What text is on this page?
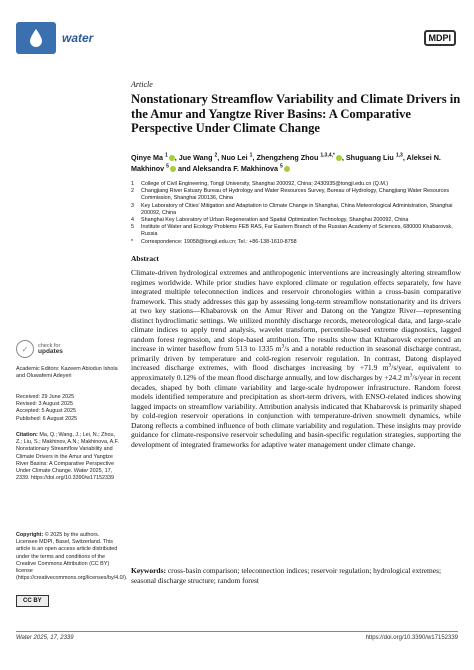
water	MDPI
✓	check for
updates
Academic Editors: Kazeem Abiodun Ishola and Oluwafemi Adeyeri
Received: 29 June 2025
Revised: 3 August 2025
Accepted: 5 August 2025
Published: 6 August 2025
Citation: Ma, Q.; Wang, J.; Lei, N.; Zhou, Z.; Liu, S.; Makhinov, A.N.; Makhinova, A.F. Nonstationary Streamflow Variability and Climate Drivers in the Amur and Yangtze River Basins: A Comparative Perspective Under Climate Change. Water 2025, 17, 2339. https://doi.org/10.3390/w17152339
Copyright: © 2025 by the authors. Licensee MDPI, Basel, Switzerland. This article is an open access article distributed under the terms and conditions of the Creative Commons Attribution (CC BY) license (https://creativecommons.org/licenses/by/4.0/).
CC BY
Article
Nonstationary Streamflow Variability and Climate Drivers in the Amur and Yangtze River Basins: A Comparative Perspective Under Climate Change
Qinye Ma $^1$ , Jue Wang $^2$, Nuo Lei $^1$, Zhengzheng Zhou $^{1,3,4,*}$ , Shuguang Liu $^{1,3}$, Aleksei N. Makhinov $^5$ and Aleksandra F. Makhinova $^5$
1	College of Civil Engineering, Tongji University, Shanghai 200092, China; 2430935@tongji.edu.cn (Q.M.)
2	Changjiang River Estuary Bureau of Hydrology and Water Resources Survey, Bureau of Hydrology, Changjiang Water Resources Commission, Shanghai 200136, China
3	Key Laboratory of Cities' Mitigation and Adaptation to Climate Change in Shanghai, China Meteorological Administration, Shanghai 200092, China
4	Shanghai Key Laboratory of Urban Regeneration and Spatial Optimization Technology, Shanghai 200092, China
5	Institute of Water and Ecology Problems FEB RAS, Far Eastern Branch of the Russian Academy of Sciences, 680000 Khabarovsk, Russia
*	Correspondence: 19058@tongji.edu.cn; Tel.: +86-138-1610-8758
Abstract

Climate-driven hydrological extremes and anthropogenic interventions are increasingly altering streamflow regimes worldwide. While prior studies have explored climate or regulation effects separately, few have integrated multiple teleconnection indices and reservoir chronologies within a cross-basin comparative framework. This study addresses this gap by assessing long-term streamflow nonstationarity and its drivers at two key stations—Khabarovsk on the Amur River and Datong on the Yangtze River—representing distinct hydroclimatic settings. We utilized monthly discharge records, meteorological data, and large-scale climate indices to apply trend analysis, wavelet transform, percentile-based extreme diagnostics, lagged random forest regression, and slope-based attribution. The results show that Khabarovsk experienced an increase in winter baseflow from 513 to 1335 $m^3/s$ and a notable reduction in seasonal discharge contrast, primarily driven by temperature and cold-region reservoir regulation. In contrast, Datong displayed increased discharge extremes, with flood discharges increasing by +71.9 $m^3/s$/year, equivalent to approximately 0.12% of the mean flood discharge annually, and low discharges by +24.2 $m^3/s$/year in recent decades, shaped by both climate variability and large-scale hydropower infrastructure. Random forest models identified temperature and precipitation as short-term drivers, with ENSO-related indices showing lagged impacts on streamflow variability. Attribution analysis indicated that Khabarovsk is primarily shaped by cold-region reservoir operations in conjunction with temperature-driven snowmelt dynamics, while Datong reflects a combined influence of both climate variability and regulation. These insights may provide guidance for climate-responsive reservoir scheduling and basin-specific regulation strategies, supporting the development of integrated frameworks for adaptive water management under climate change.

Keywords: cross-basin comparison; teleconnection indices; reservoir regulation; hydrological extremes; seasonal discharge structure; random forest
Water 2025, 17, 2339	https://doi.org/10.3390/w17152339
